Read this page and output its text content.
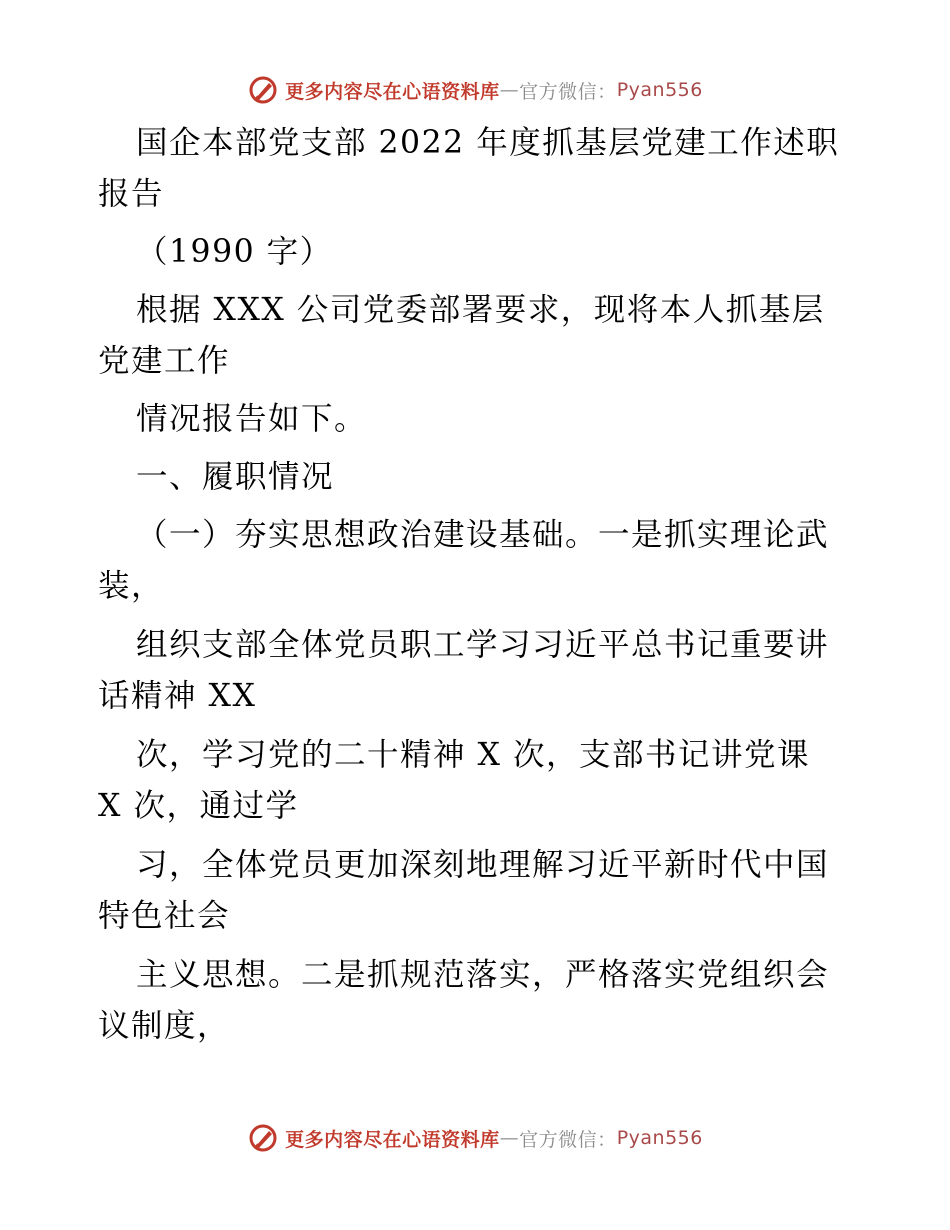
更多内容尽在心语资料库 — 官方微信： Pyan556
国企本部党支部 2022 年度抓基层党建工作述职
报告
（1990 字）
根据 XXX 公司党委部署要求，现将本人抓基层
党建工作
情况报告如下。
一、履职情况
（一）夯实思想政治建设基础。一是抓实理论武
装，
组织支部全体党员职工学习习近平总书记重要讲
话精神 XX
次，学习党的二十精神 X 次，支部书记讲党课
X 次，通过学
习，全体党员更加深刻地理解习近平新时代中国
特色社会
主义思想。二是抓规范落实，严格落实党组织会
议制度，
更多内容尽在心语资料库 — 官方微信： Pyan556
